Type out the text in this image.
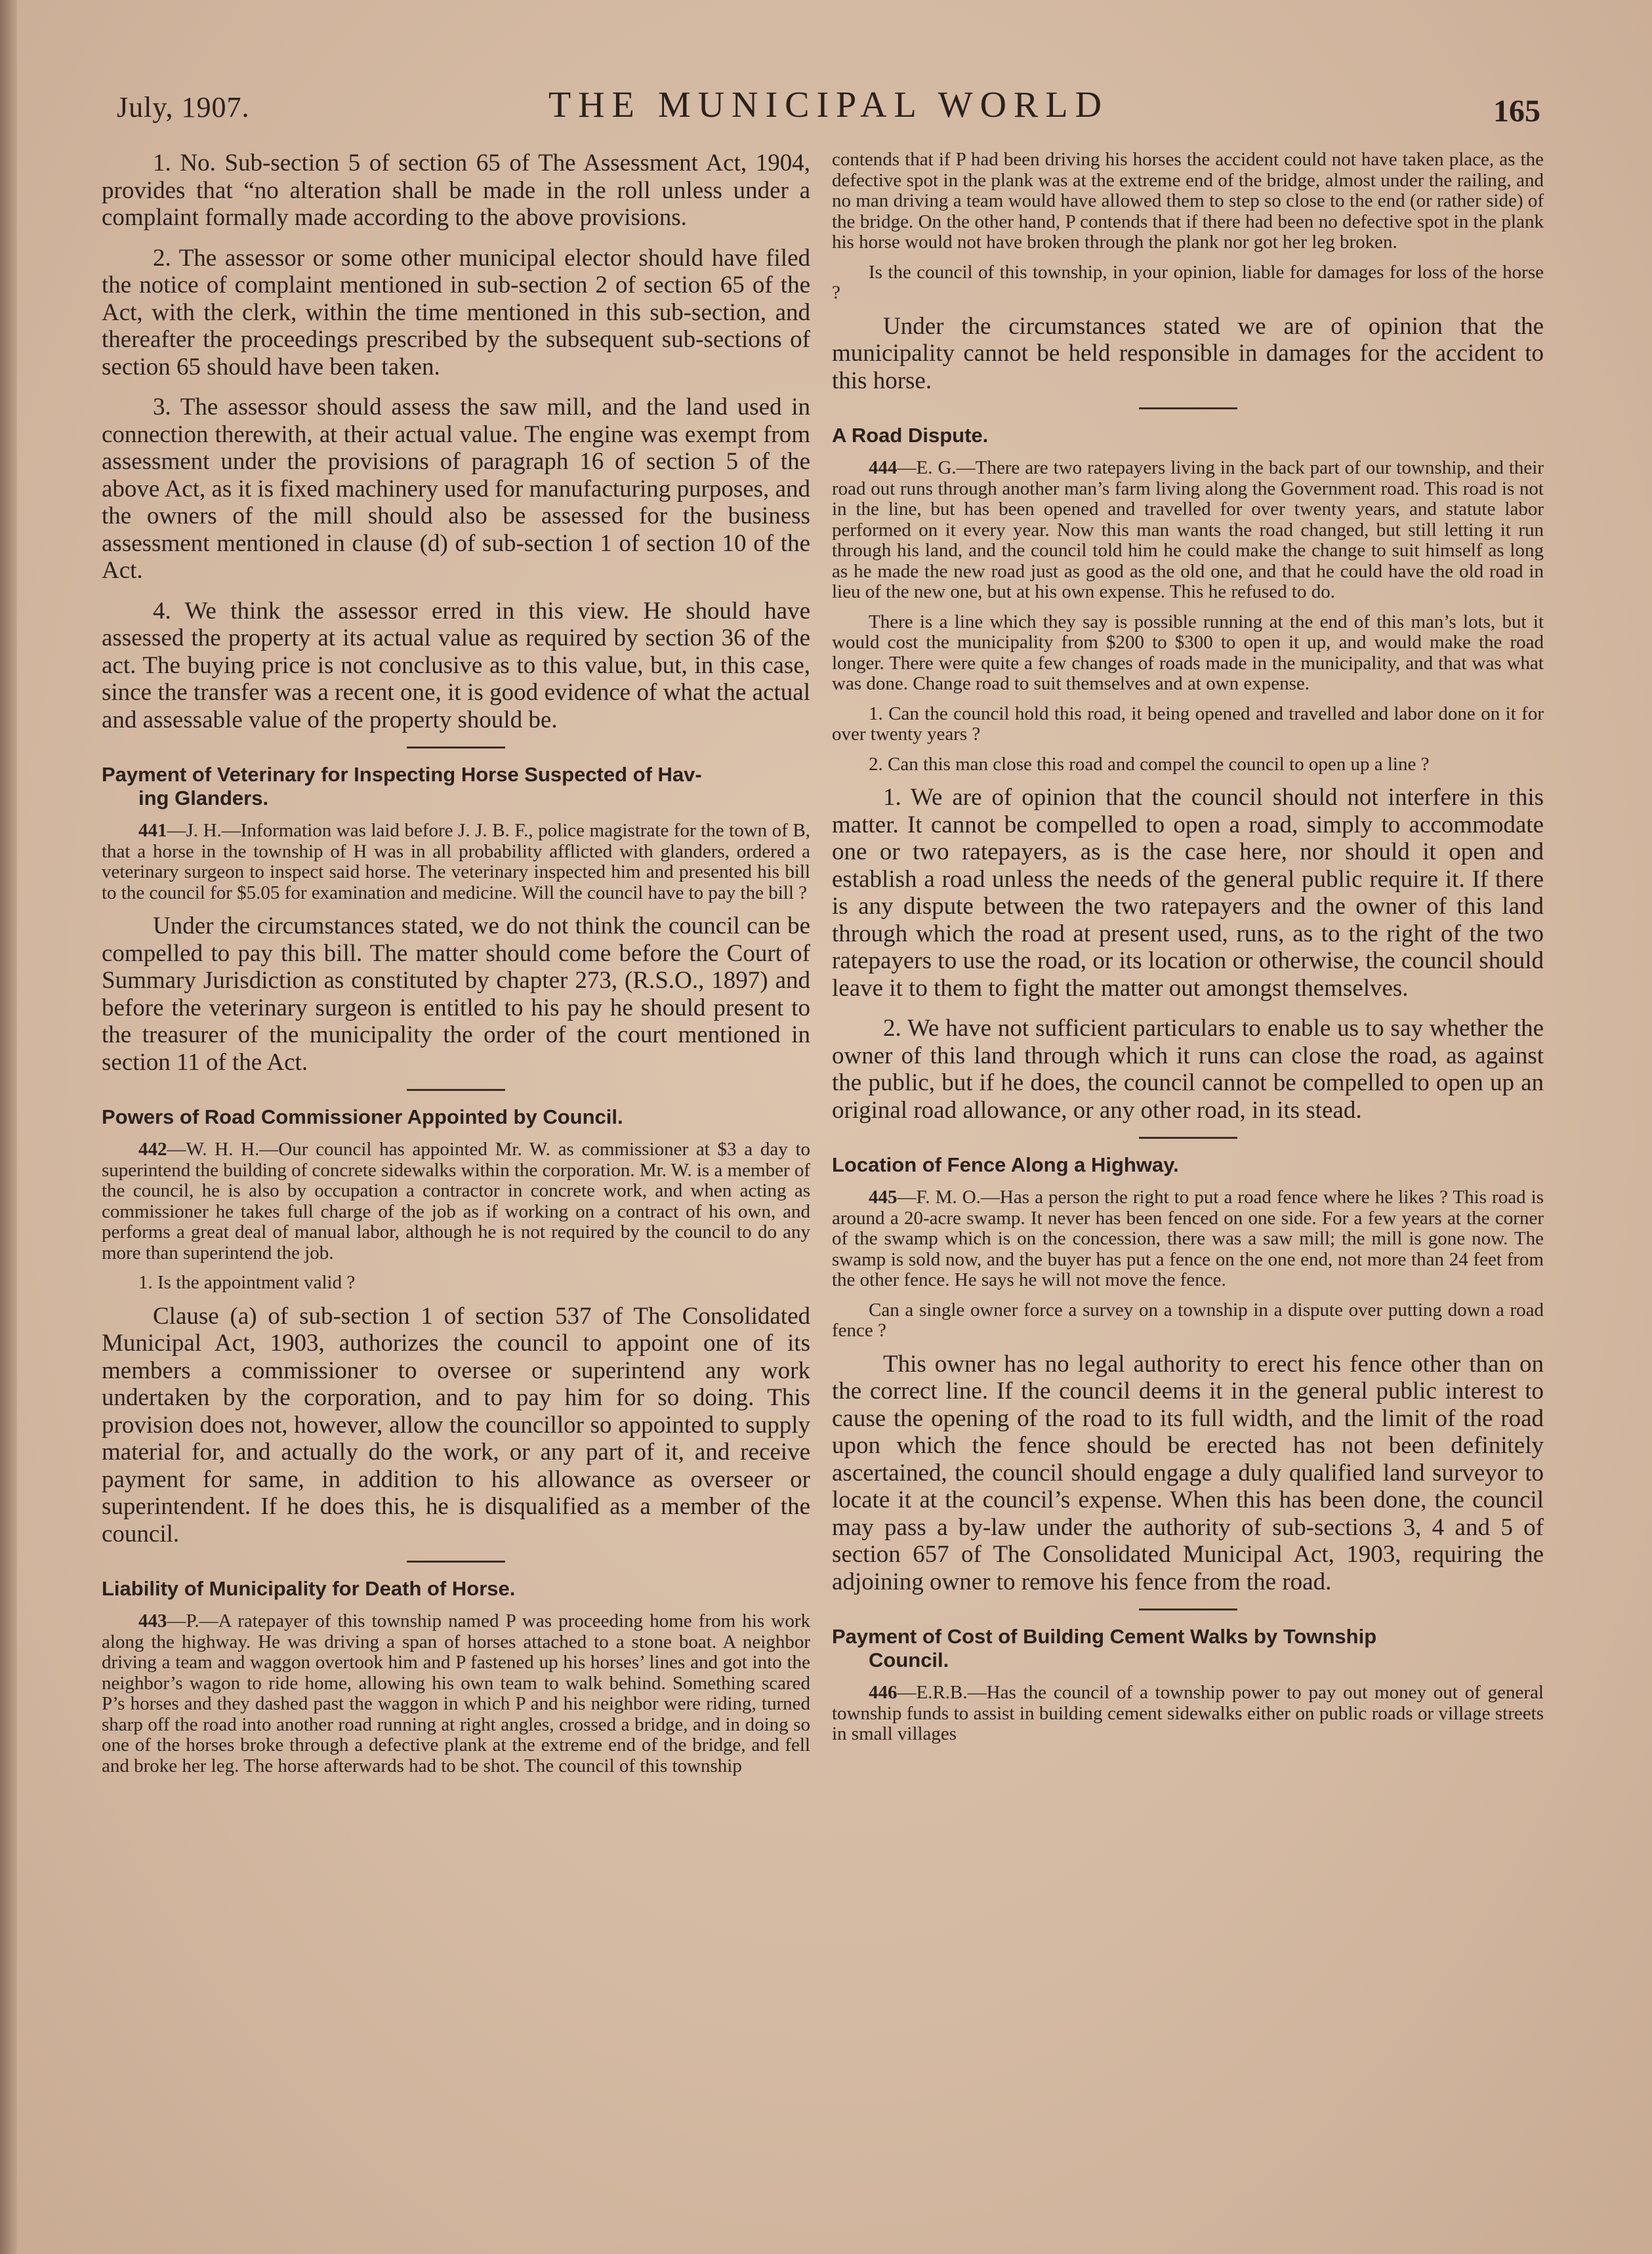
July, 1907.	THE MUNICIPAL WORLD	165

1. No. Sub-section 5 of section 65 of The Assessment Act, 1904, provides that “no alteration shall be made in the roll unless under a complaint formally made according to the above provisions.

2. The assessor or some other municipal elector should have filed the notice of complaint mentioned in sub-section 2 of section 65 of the Act, with the clerk, within the time mentioned in this sub-section, and thereafter the proceedings prescribed by the subsequent sub-sections of section 65 should have been taken.

3. The assessor should assess the saw mill, and the land used in connection therewith, at their actual value. The engine was exempt from assessment under the provisions of paragraph 16 of section 5 of the above Act, as it is fixed machinery used for manufacturing purposes, and the owners of the mill should also be assessed for the business assessment mentioned in clause (d) of sub-section 1 of section 10 of the Act.

4. We think the assessor erred in this view. He should have assessed the property at its actual value as required by section 36 of the act. The buying price is not conclusive as to this value, but, in this case, since the transfer was a recent one, it is good evidence of what the actual and assessable value of the property should be.

Payment of Veterinary for Inspecting Horse Suspected of Hav-
ing Glanders.

441—J. H.—Information was laid before J. J. B. F., police magistrate for the town of B, that a horse in the township of H was in all probability afflicted with glanders, ordered a veterinary surgeon to inspect said horse. The veterinary inspected him and presented his bill to the council for $5.05 for examination and medicine. Will the council have to pay the bill ?

Under the circumstances stated, we do not think the council can be compelled to pay this bill. The matter should come before the Court of Summary Jurisdiction as constituted by chapter 273, (R.S.O., 1897) and before the veterinary surgeon is entitled to his pay he should present to the treasurer of the municipality the order of the court mentioned in section 11 of the Act.

Powers of Road Commissioner Appointed by Council.

442—W. H. H.—Our council has appointed Mr. W. as commissioner at $3 a day to superintend the building of concrete sidewalks within the corporation. Mr. W. is a member of the council, he is also by occupation a contractor in concrete work, and when acting as commissioner he takes full charge of the job as if working on a contract of his own, and performs a great deal of manual labor, although he is not required by the council to do any more than superintend the job.

1. Is the appointment valid ?

Clause (a) of sub-section 1 of section 537 of The Consolidated Municipal Act, 1903, authorizes the council to appoint one of its members a commissioner to oversee or superintend any work undertaken by the corporation, and to pay him for so doing. This provision does not, however, allow the councillor so appointed to supply material for, and actually do the work, or any part of it, and receive payment for same, in addition to his allowance as overseer or superintendent. If he does this, he is disqualified as a member of the council.

Liability of Municipality for Death of Horse.

443—P.—A ratepayer of this township named P was proceeding home from his work along the highway. He was driving a span of horses attached to a stone boat. A neighbor driving a team and waggon overtook him and P fastened up his horses’ lines and got into the neighbor’s wagon to ride home, allowing his own team to walk behind. Something scared P’s horses and they dashed past the waggon in which P and his neighbor were riding, turned sharp off the road into another road running at right angles, crossed a bridge, and in doing so one of the horses broke through a defective plank at the extreme end of the bridge, and fell and broke her leg. The horse afterwards had to be shot. The council of this township

contends that if P had been driving his horses the accident could not have taken place, as the defective spot in the plank was at the extreme end of the bridge, almost under the railing, and no man driving a team would have allowed them to step so close to the end (or rather side) of the bridge. On the other hand, P contends that if there had been no defective spot in the plank his horse would not have broken through the plank nor got her leg broken.

Is the council of this township, in your opinion, liable for damages for loss of the horse ?

Under the circumstances stated we are of opinion that the municipality cannot be held responsible in damages for the accident to this horse.

A Road Dispute.

444—E. G.—There are two ratepayers living in the back part of our township, and their road out runs through another man’s farm living along the Government road. This road is not in the line, but has been opened and travelled for over twenty years, and statute labor performed on it every year. Now this man wants the road changed, but still letting it run through his land, and the council told him he could make the change to suit himself as long as he made the new road just as good as the old one, and that he could have the old road in lieu of the new one, but at his own expense. This he refused to do.

There is a line which they say is possible running at the end of this man’s lots, but it would cost the municipality from $200 to $300 to open it up, and would make the road longer. There were quite a few changes of roads made in the municipality, and that was what was done. Change road to suit themselves and at own expense.

1. Can the council hold this road, it being opened and travelled and labor done on it for over twenty years ?

2. Can this man close this road and compel the council to open up a line ?

1. We are of opinion that the council should not interfere in this matter. It cannot be compelled to open a road, simply to accommodate one or two ratepayers, as is the case here, nor should it open and establish a road unless the needs of the general public require it. If there is any dispute between the two ratepayers and the owner of this land through which the road at present used, runs, as to the right of the two ratepayers to use the road, or its location or otherwise, the council should leave it to them to fight the matter out amongst themselves.

2. We have not sufficient particulars to enable us to say whether the owner of this land through which it runs can close the road, as against the public, but if he does, the council cannot be compelled to open up an original road allowance, or any other road, in its stead.

Location of Fence Along a Highway.

445—F. M. O.—Has a person the right to put a road fence where he likes ? This road is around a 20-acre swamp. It never has been fenced on one side. For a few years at the corner of the swamp which is on the concession, there was a saw mill; the mill is gone now. The swamp is sold now, and the buyer has put a fence on the one end, not more than 24 feet from the other fence. He says he will not move the fence.

Can a single owner force a survey on a township in a dispute over putting down a road fence ?

This owner has no legal authority to erect his fence other than on the correct line. If the council deems it in the general public interest to cause the opening of the road to its full width, and the limit of the road upon which the fence should be erected has not been definitely ascertained, the council should engage a duly qualified land surveyor to locate it at the council’s expense. When this has been done, the council may pass a by-law under the authority of sub-sections 3, 4 and 5 of section 657 of The Consolidated Municipal Act, 1903, requiring the adjoining owner to remove his fence from the road.

Payment of Cost of Building Cement Walks by Township
Council.

446—E.R.B.—Has the council of a township power to pay out money out of general township funds to assist in building cement sidewalks either on public roads or village streets in small villages
